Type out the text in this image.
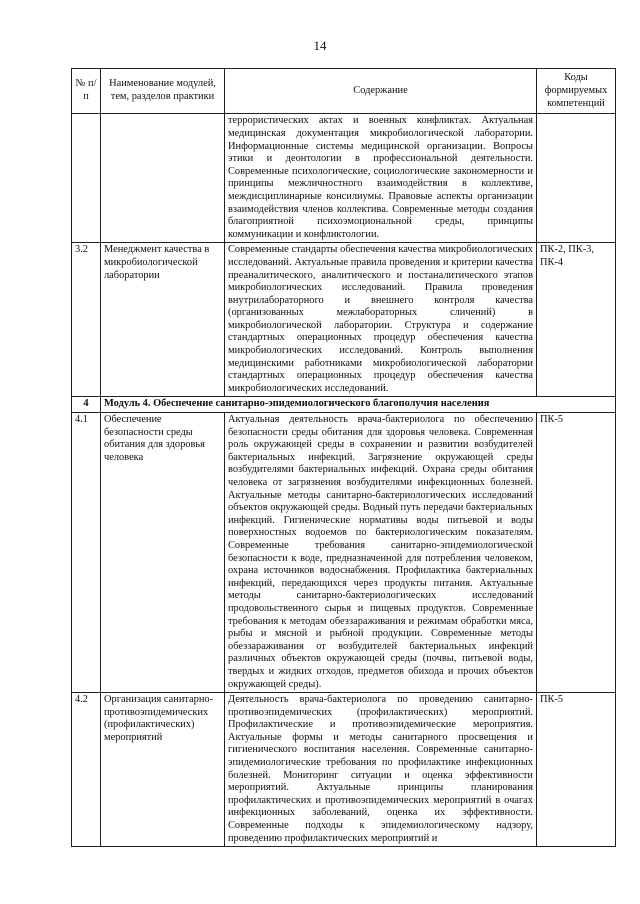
14
№ п/п	Наименование модулей, тем, разделов практики	Содержание	Коды формируемых компетенций
		террористических актах и военных конфликтах. Актуальная медицинская документация микробиологической лаборатории. Информационные системы медицинской организации. Вопросы этики и деонтологии в профессиональной деятельности. Современные психологические, социологические закономерности и принципы межличностного взаимодействия в коллективе, междисциплинарные консилиумы. Правовые аспекты организации взаимодействия членов коллектива. Современные методы создания благоприятной психоэмоциональной среды, принципы коммуникации и конфликтологии.	
3.2	Менеджмент качества в микробиологической лаборатории	Современные стандарты обеспечения качества микробиологических исследований. Актуальные правила проведения и критерии качества преаналитического, аналитического и постаналитического этапов микробиологических исследований. Правила проведения внутрилабораторного и внешнего контроля качества (организованных межлабораторных сличений) в микробиологической лаборатории. Структура и содержание стандартных операционных процедур обеспечения качества микробиологических исследований. Контроль выполнения медицинскими работниками микробиологической лаборатории стандартных операционных процедур обеспечения качества микробиологических исследований.	ПК-2, ПК-3, ПК-4
4	Модуль 4. Обеспечение санитарно-эпидемиологического благополучия населения		
4.1	Обеспечение безопасности среды обитания для здоровья человека	Актуальная деятельность врача-бактериолога по обеспечению безопасности среды обитания для здоровья человека. Современная роль окружающей среды в сохранении и развитии возбудителей бактериальных инфекций. Загрязнение окружающей среды возбудителями бактериальных инфекций. Охрана среды обитания человека от загрязнения возбудителями инфекционных болезней. Актуальные методы санитарно-бактериологических исследований объектов окружающей среды. Водный путь передачи бактериальных инфекций. Гигиенические нормативы воды питьевой и воды поверхностных водоемов по бактериологическим показателям. Современные требования санитарно-эпидемиологической безопасности к воде, предназначенной для потребления человеком, охрана источников водоснабжения. Профилактика бактериальных инфекций, передающихся через продукты питания. Актуальные методы санитарно-бактериологических исследований продовольственного сырья и пищевых продуктов. Современные требования к методам обеззараживания и режимам обработки мяса, рыбы и мясной и рыбной продукции. Современные методы обеззараживания от возбудителей бактериальных инфекций различных объектов окружающей среды (почвы, питьевой воды, твердых и жидких отходов, предметов обихода и прочих объектов окружающей среды).	ПК-5
4.2	Организация санитарно-противоэпидемических (профилактических) мероприятий	Деятельность врача-бактериолога по проведению санитарно-противоэпидемических (профилактических) мероприятий. Профилактические и противоэпидемические мероприятия. Актуальные формы и методы санитарного просвещения и гигиенического воспитания населения. Современные санитарно-эпидемиологические требования по профилактике инфекционных болезней. Мониторинг ситуации и оценка эффективности мероприятий. Актуальные принципы планирования профилактических и противоэпидемических мероприятий в очагах инфекционных заболеваний, оценка их эффективности. Современные подходы к эпидемиологическому надзору, проведению профилактических мероприятий и	ПК-5
